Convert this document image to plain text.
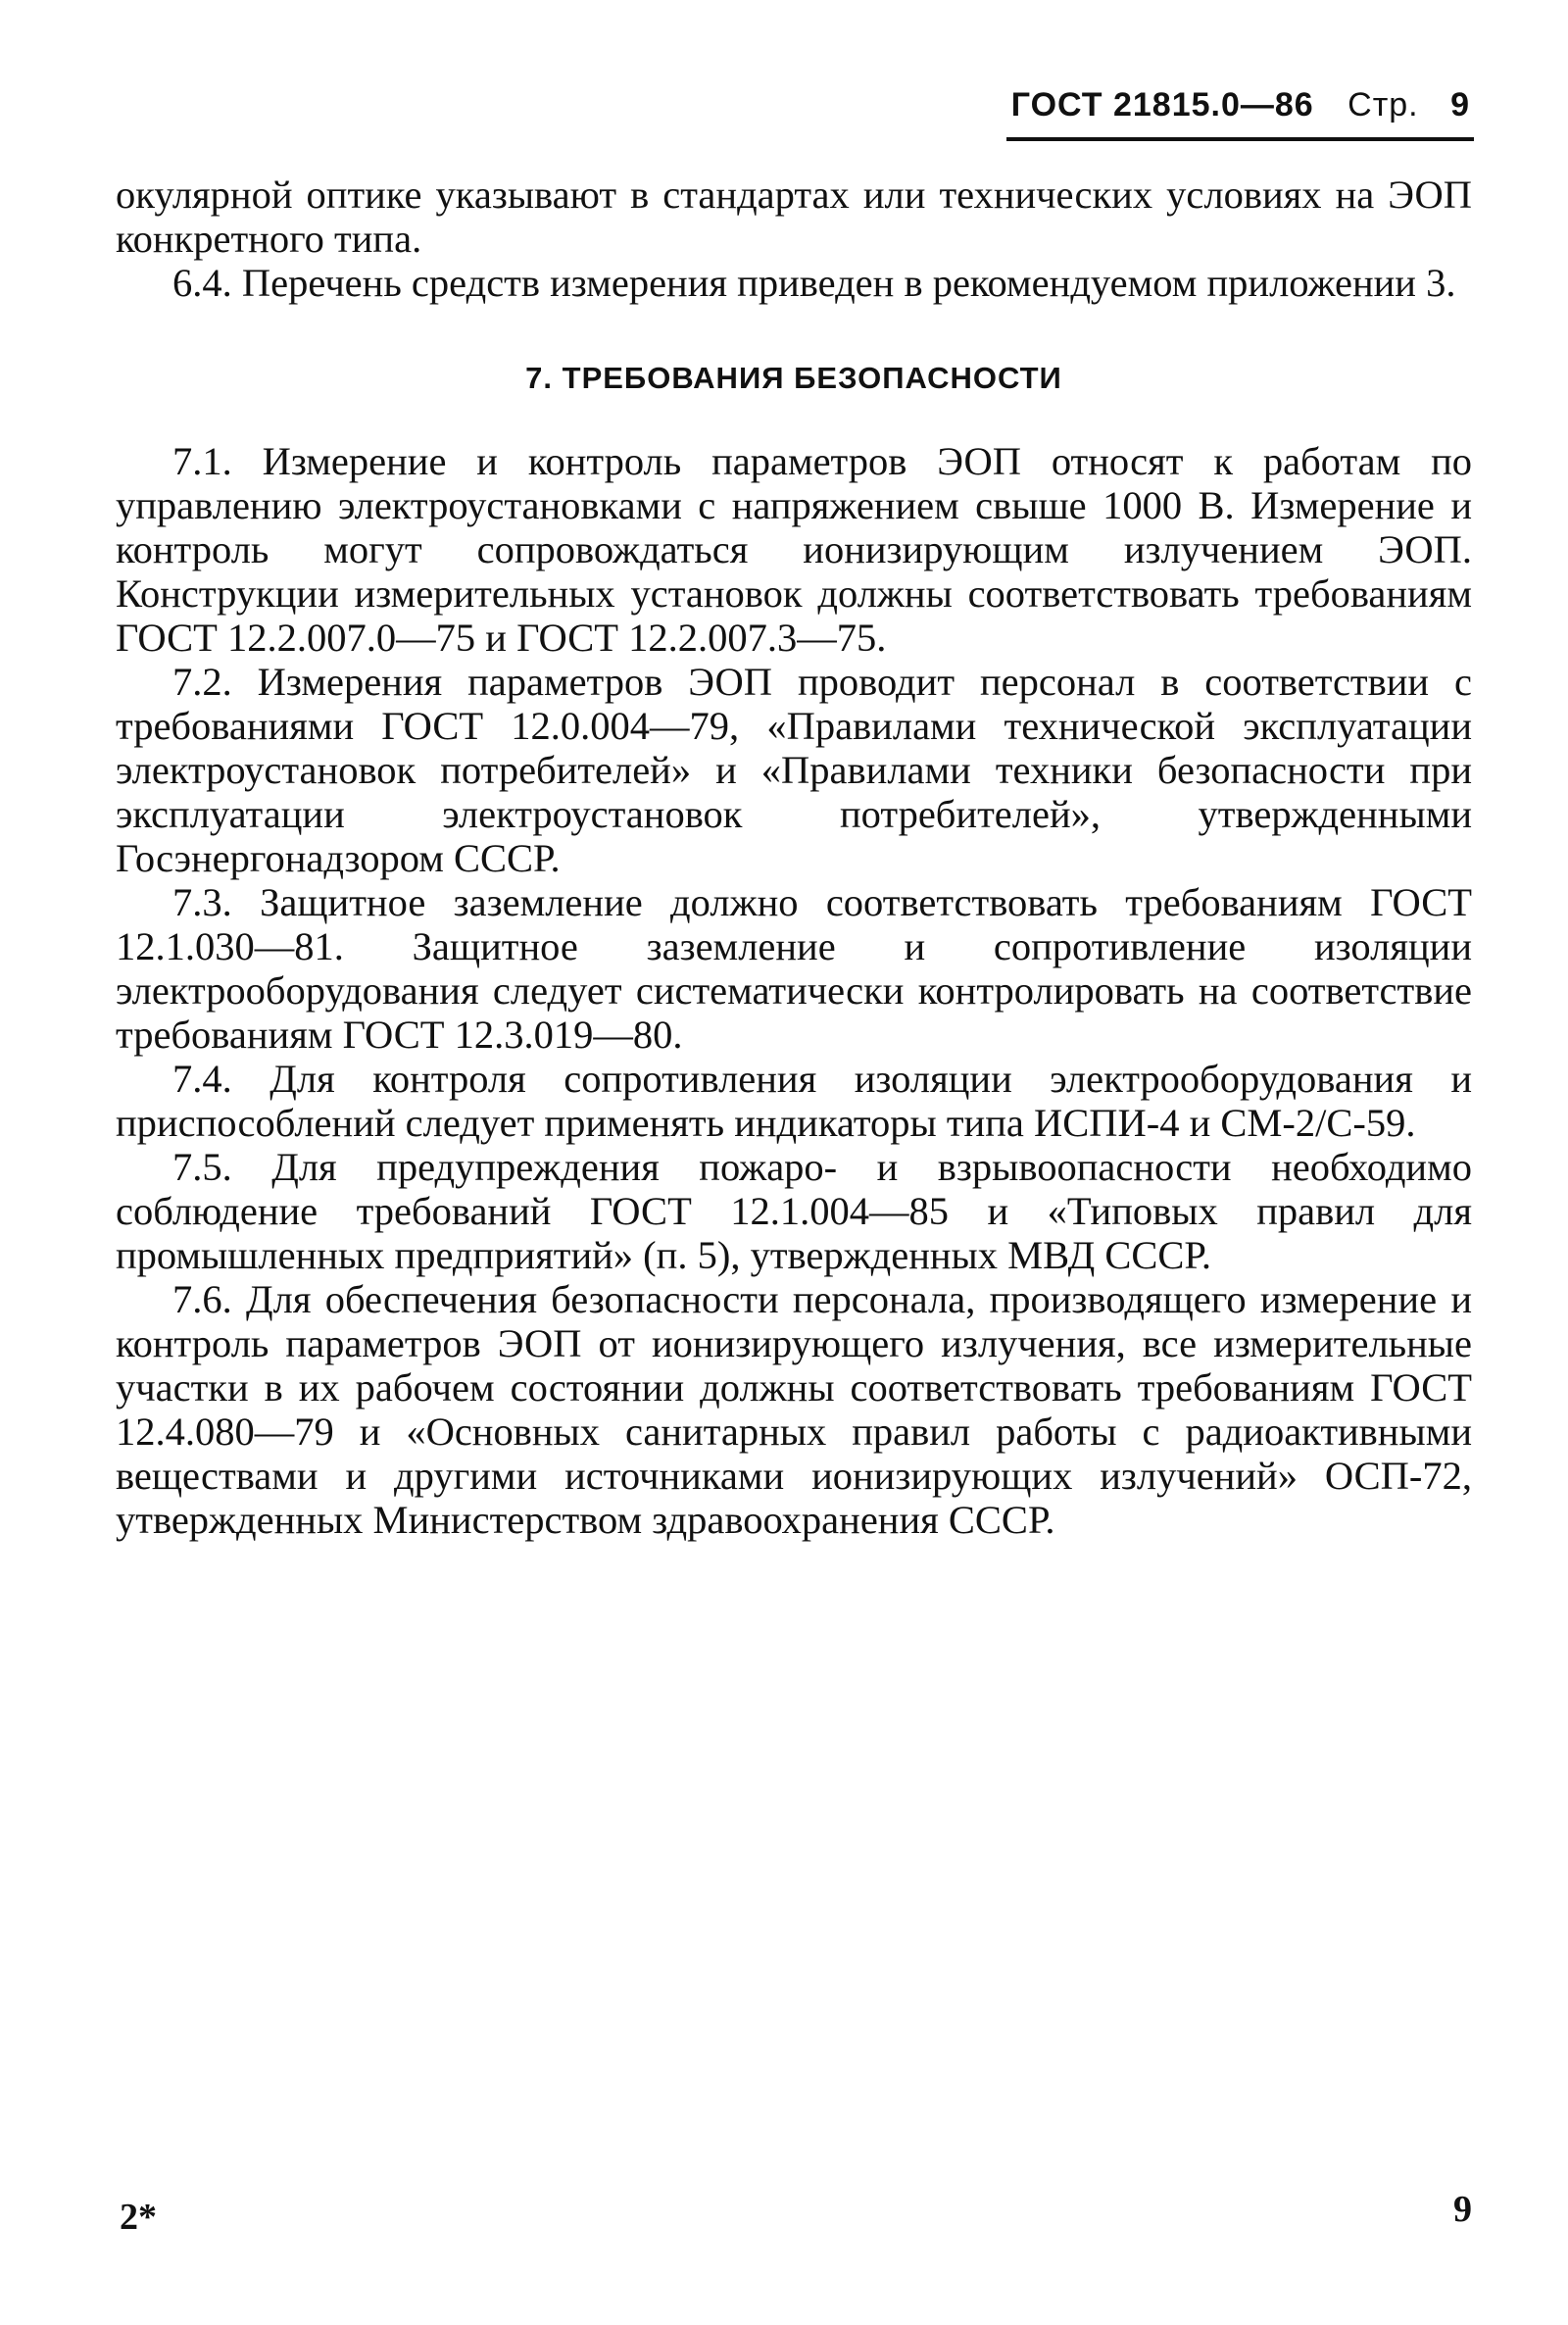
ГОСТ 21815.0—86 Стр. 9

окулярной оптике указывают в стандартах или технических условиях на ЭОП конкретного типа.

6.4. Перечень средств измерения приведен в рекомендуемом приложении 3.

7. ТРЕБОВАНИЯ БЕЗОПАСНОСТИ

7.1. Измерение и контроль параметров ЭОП относят к работам по управлению электроустановками с напряжением свыше 1000 В. Измерение и контроль могут сопровождаться ионизирующим излучением ЭОП. Конструкции измерительных установок должны соответствовать требованиям ГОСТ 12.2.007.0—75 и ГОСТ 12.2.007.3—75.

7.2. Измерения параметров ЭОП проводит персонал в соответствии с требованиями ГОСТ 12.0.004—79, «Правилами технической эксплуатации электроустановок потребителей» и «Правилами техники безопасности при эксплуатации электроустановок потребителей», утвержденными Госэнергонадзором СССР.

7.3. Защитное заземление должно соответствовать требованиям ГОСТ 12.1.030—81. Защитное заземление и сопротивление изоляции электрооборудования следует систематически контролировать на соответствие требованиям ГОСТ 12.3.019—80.

7.4. Для контроля сопротивления изоляции электрооборудования и приспособлений следует применять индикаторы типа ИСПИ-4 и СМ-2/С-59.

7.5. Для предупреждения пожаро- и взрывоопасности необходимо соблюдение требований ГОСТ 12.1.004—85 и «Типовых правил для промышленных предприятий» (п. 5), утвержденных МВД СССР.

7.6. Для обеспечения безопасности персонала, производящего измерение и контроль параметров ЭОП от ионизирующего излучения, все измерительные участки в их рабочем состоянии должны соответствовать требованиям ГОСТ 12.4.080—79 и «Основных санитарных правил работы с радиоактивными веществами и другими источниками ионизирующих излучений» ОСП-72, утвержденных Министерством здравоохранения СССР.

2*	9
